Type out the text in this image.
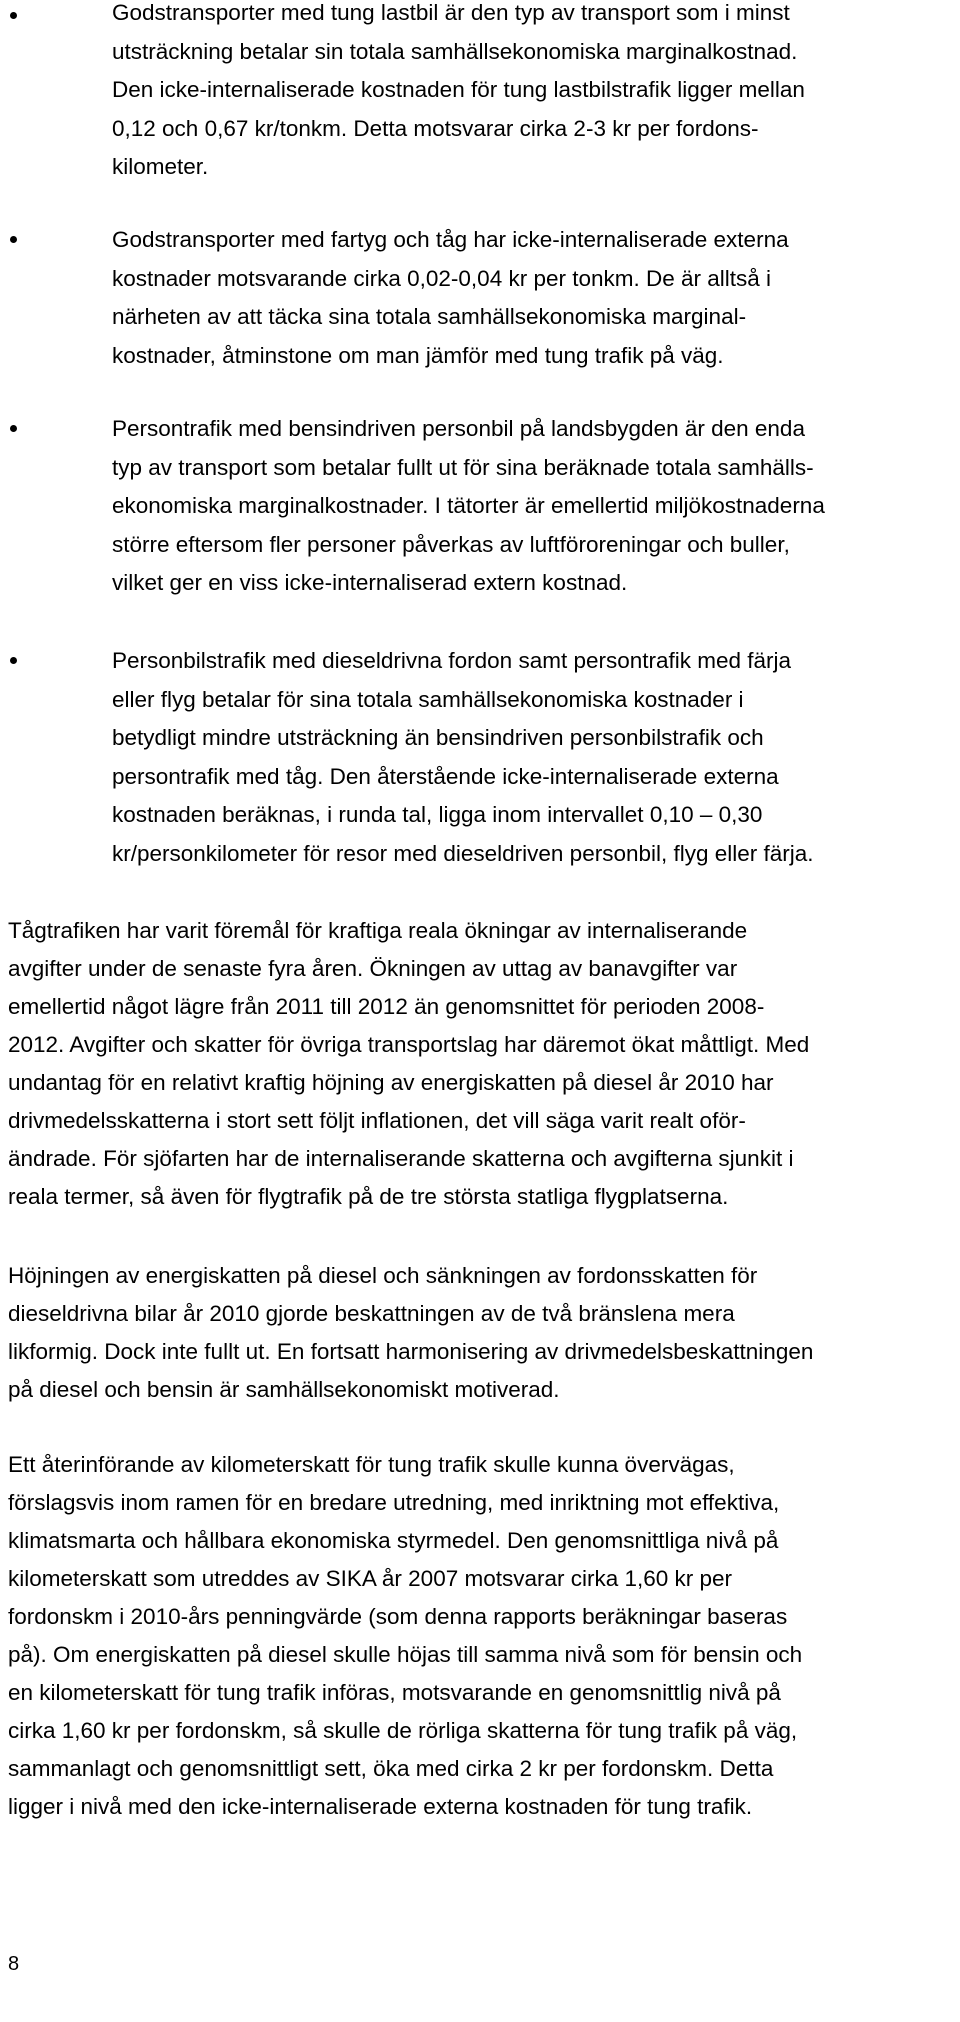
Godstransporter med tung lastbil är den typ av transport som i minst
utsträckning betalar sin totala samhällsekonomiska marginalkostnad.
Den icke-internaliserade kostnaden för tung lastbilstrafik ligger mellan
0,12 och 0,67 kr/tonkm. Detta motsvarar cirka 2-3 kr per fordons-
kilometer.

Godstransporter med fartyg och tåg har icke-internaliserade externa
kostnader motsvarande cirka 0,02-0,04 kr per tonkm. De är alltså i
närheten av att täcka sina totala samhällsekonomiska marginal-
kostnader, åtminstone om man jämför med tung trafik på väg.

Persontrafik med bensindriven personbil på landsbygden är den enda
typ av transport som betalar fullt ut för sina beräknade totala samhälls-
ekonomiska marginalkostnader. I tätorter är emellertid miljökostnaderna
större eftersom fler personer påverkas av luftföroreningar och buller,
vilket ger en viss icke-internaliserad extern kostnad.

Personbilstrafik med dieseldrivna fordon samt persontrafik med färja
eller flyg betalar för sina totala samhällsekonomiska kostnader i
betydligt mindre utsträckning än bensindriven personbilstrafik och
persontrafik med tåg. Den återstående icke-internaliserade externa
kostnaden beräknas, i runda tal, ligga inom intervallet 0,10 – 0,30
kr/personkilometer för resor med dieseldriven personbil, flyg eller färja.

Tågtrafiken har varit föremål för kraftiga reala ökningar av internaliserande
avgifter under de senaste fyra åren. Ökningen av uttag av banavgifter var
emellertid något lägre från 2011 till 2012 än genomsnittet för perioden 2008-
2012. Avgifter och skatter för övriga transportslag har däremot ökat måttligt. Med
undantag för en relativt kraftig höjning av energiskatten på diesel år 2010 har
drivmedelsskatterna i stort sett följt inflationen, det vill säga varit realt oför-
ändrade. För sjöfarten har de internaliserande skatterna och avgifterna sjunkit i
reala termer, så även för flygtrafik på de tre största statliga flygplatserna.

Höjningen av energiskatten på diesel och sänkningen av fordonsskatten för
dieseldrivna bilar år 2010 gjorde beskattningen av de två bränslena mera
likformig. Dock inte fullt ut. En fortsatt harmonisering av drivmedelsbeskattningen
på diesel och bensin är samhällsekonomiskt motiverad.

Ett återinförande av kilometerskatt för tung trafik skulle kunna övervägas,
förslagsvis inom ramen för en bredare utredning, med inriktning mot effektiva,
klimatsmarta och hållbara ekonomiska styrmedel. Den genomsnittliga nivå på
kilometerskatt som utreddes av SIKA år 2007 motsvarar cirka 1,60 kr per
fordonskm i 2010-års penningvärde (som denna rapports beräkningar baseras
på). Om energiskatten på diesel skulle höjas till samma nivå som för bensin och
en kilometerskatt för tung trafik införas, motsvarande en genomsnittlig nivå på
cirka 1,60 kr per fordonskm, så skulle de rörliga skatterna för tung trafik på väg,
sammanlagt och genomsnittligt sett, öka med cirka 2 kr per fordonskm. Detta
ligger i nivå med den icke-internaliserade externa kostnaden för tung trafik.

8
